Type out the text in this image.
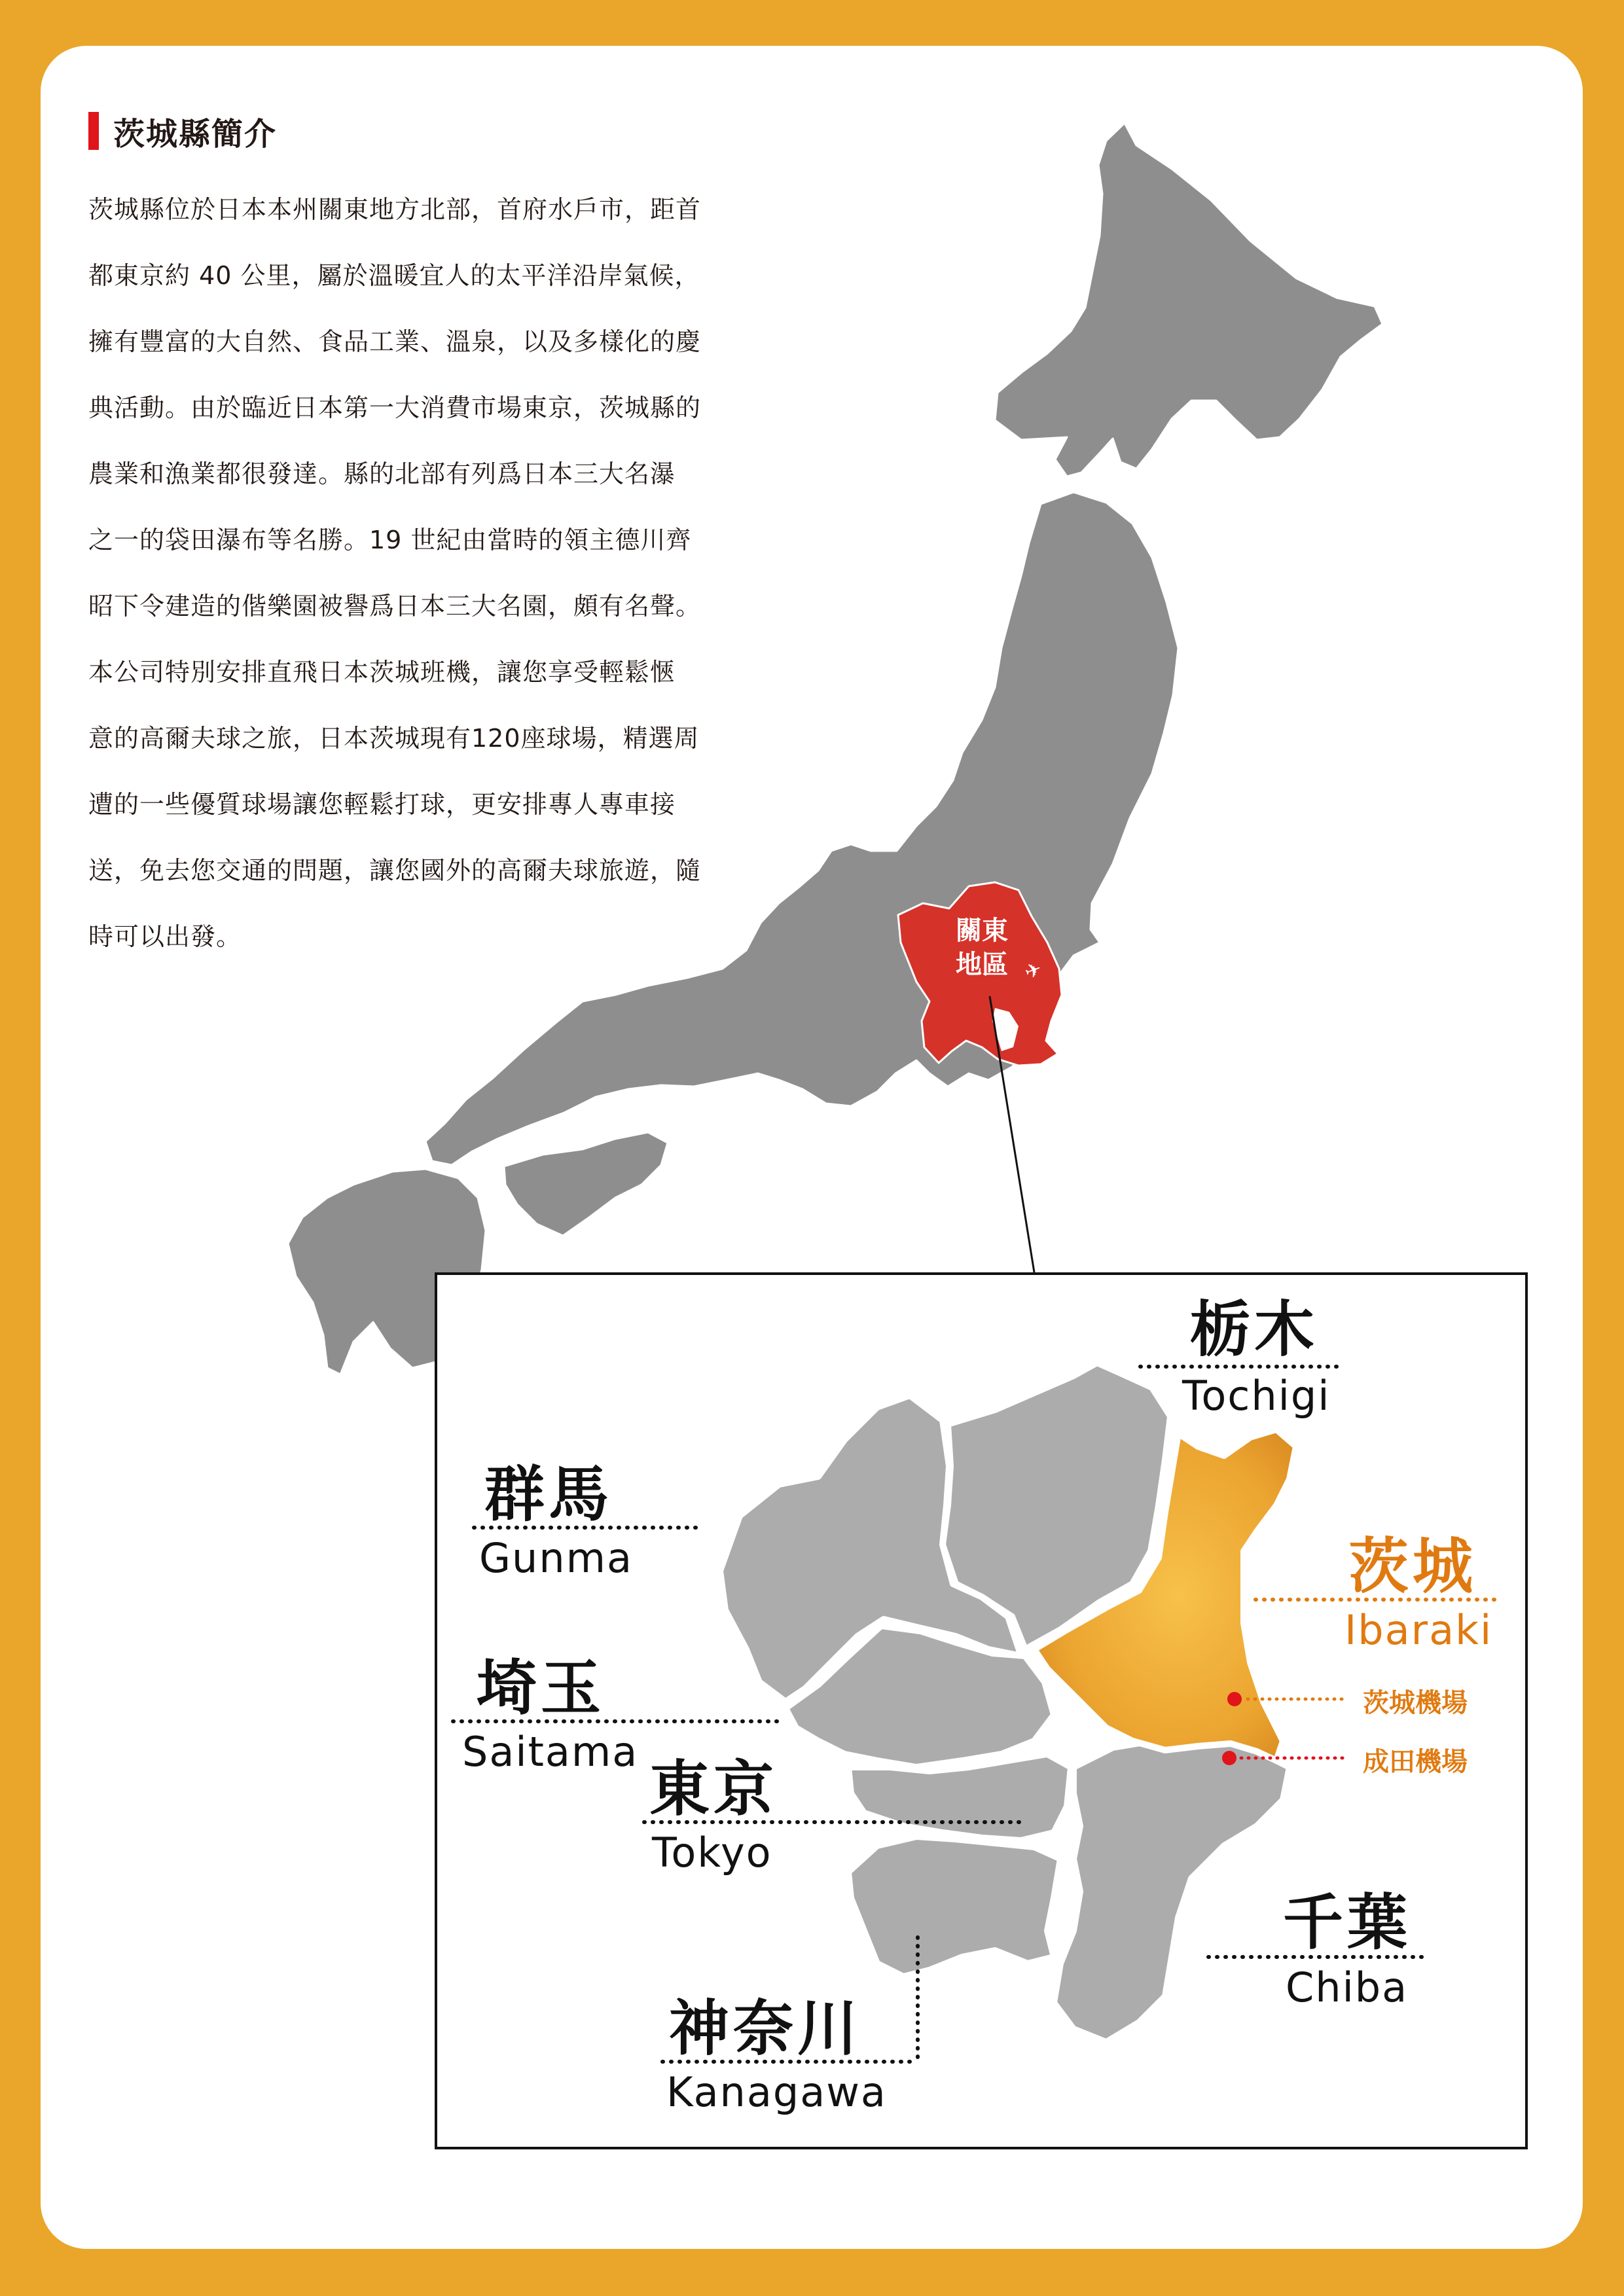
茨城縣簡介

茨城縣位於日本本州關東地方北部，首府水戶市，距首

都東京約 40 公里，屬於溫暖宜人的太平洋沿岸氣候，

擁有豐富的大自然、食品工業、溫泉，以及多樣化的慶

典活動。由於臨近日本第一大消費市場東京，茨城縣的

農業和漁業都很發達。縣的北部有列爲日本三大名瀑

之一的袋田瀑布等名勝。19 世紀由當時的領主德川齊

昭下令建造的偕樂園被譽爲日本三大名園，頗有名聲。

本公司特別安排直飛日本茨城班機，讓您享受輕鬆愜

意的高爾夫球之旅，日本茨城現有120座球場，精選周

遭的一些優質球場讓您輕鬆打球，更安排專人專車接

送，免去您交通的問題，讓您國外的高爾夫球旅遊，隨

時可以出發。	關東
地區 ✈
栃木
Tochigi
群馬
Gunma	茨城
Ibaraki
茨城機場
成田機場
埼玉
Saitama
東京
Tokyo
千葉
Chiba
神奈川
Kanagawa
